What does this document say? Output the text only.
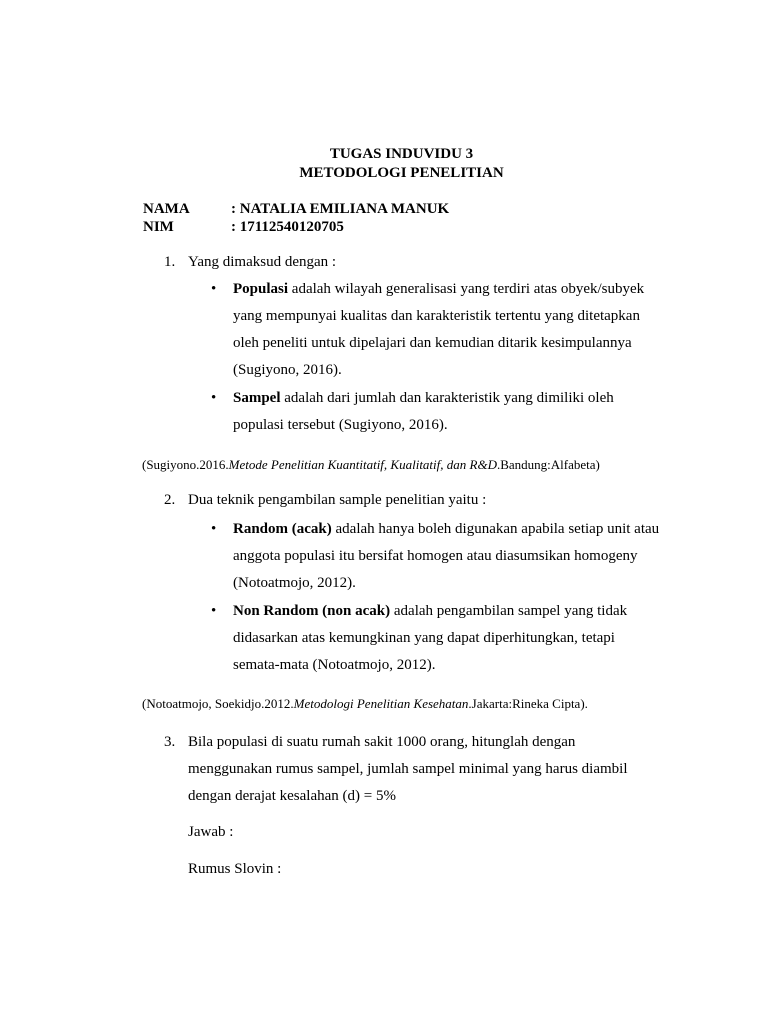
TUGAS INDUVIDU 3
METODOLOGI PENELITIAN
NAMA	: NATALIA EMILIANA MANUK
NIM	: 17112540120705
1. Yang dimaksud dengan :
• Populasi adalah wilayah generalisasi yang terdiri atas obyek/subyek
yang mempunyai kualitas dan karakteristik tertentu yang ditetapkan
oleh peneliti untuk dipelajari dan kemudian ditarik kesimpulannya
(Sugiyono, 2016).
• Sampel adalah dari jumlah dan karakteristik yang dimiliki oleh
populasi tersebut (Sugiyono, 2016).
(Sugiyono.2016.Metode Penelitian Kuantitatif, Kualitatif, dan R&D.Bandung:Alfabeta)
2. Dua teknik pengambilan sample penelitian yaitu :
• Random (acak) adalah hanya boleh digunakan apabila setiap unit atau
anggota populasi itu bersifat homogen atau diasumsikan homogeny
(Notoatmojo, 2012).
• Non Random (non acak) adalah pengambilan sampel yang tidak
didasarkan atas kemungkinan yang dapat diperhitungkan, tetapi
semata-mata (Notoatmojo, 2012).
(Notoatmojo, Soekidjo.2012.Metodologi Penelitian Kesehatan.Jakarta:Rineka Cipta).
3. Bila populasi di suatu rumah sakit 1000 orang, hitunglah dengan
menggunakan rumus sampel, jumlah sampel minimal yang harus diambil
dengan derajat kesalahan (d) = 5%
Jawab :
Rumus Slovin :
